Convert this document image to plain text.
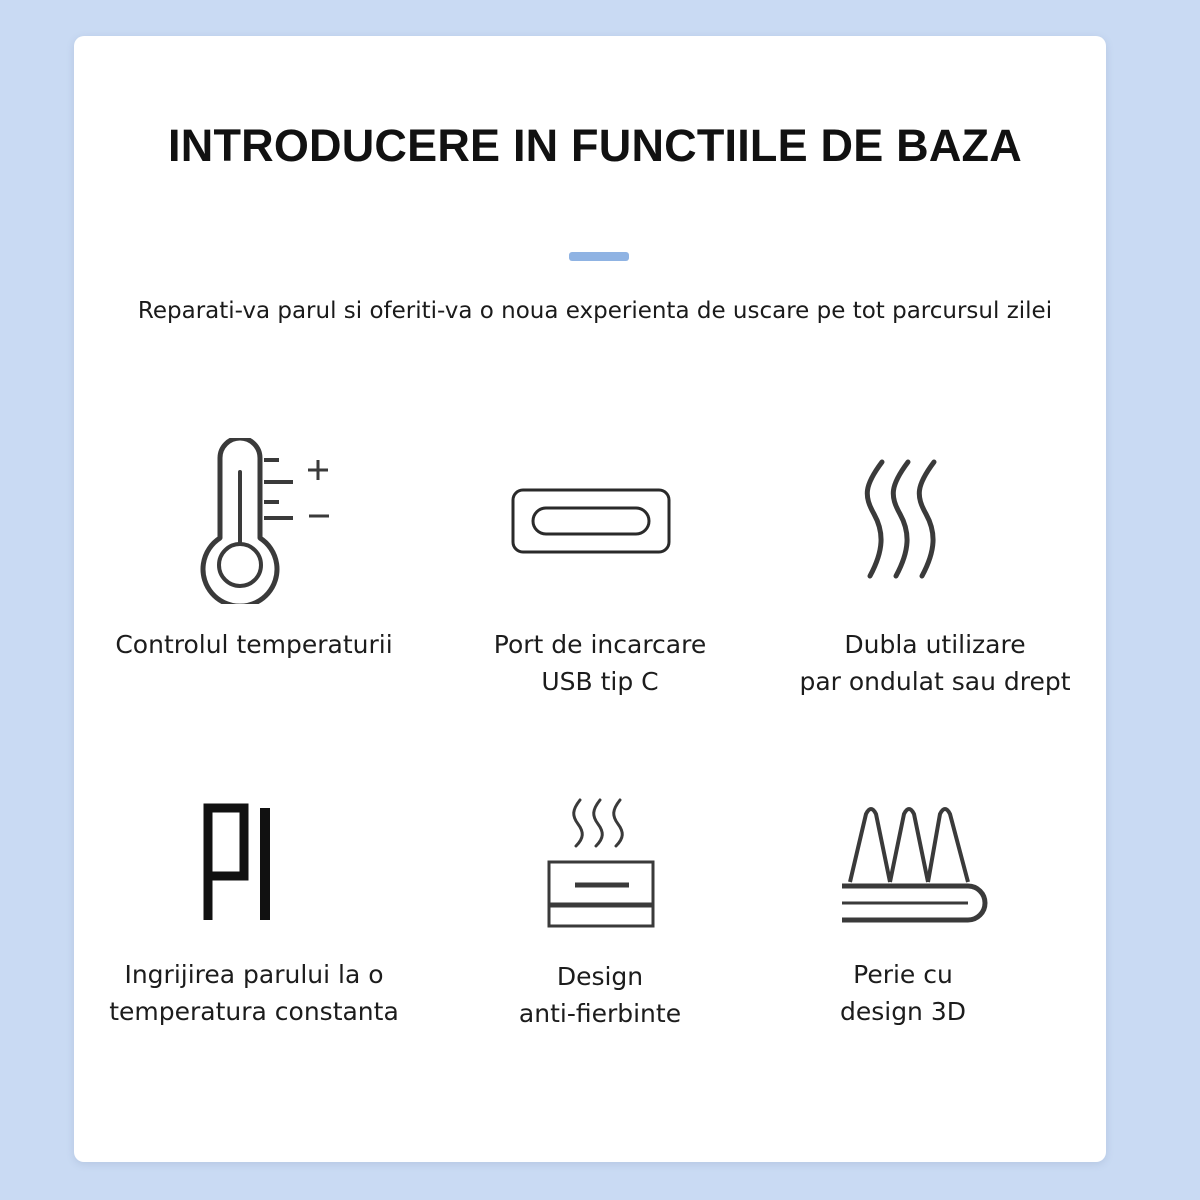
INTRODUCERE IN FUNCTIILE DE BAZA

Reparati-va parul si oferiti-va o noua experienta de uscare pe tot parcursul zilei

Controlul temperaturii	Port de incarcare
USB tip C
Dubla utilizare
par ondulat sau drept
Ingrijirea parului la o
temperatura constanta
Design
anti-fierbinte
Perie cu
design 3D
